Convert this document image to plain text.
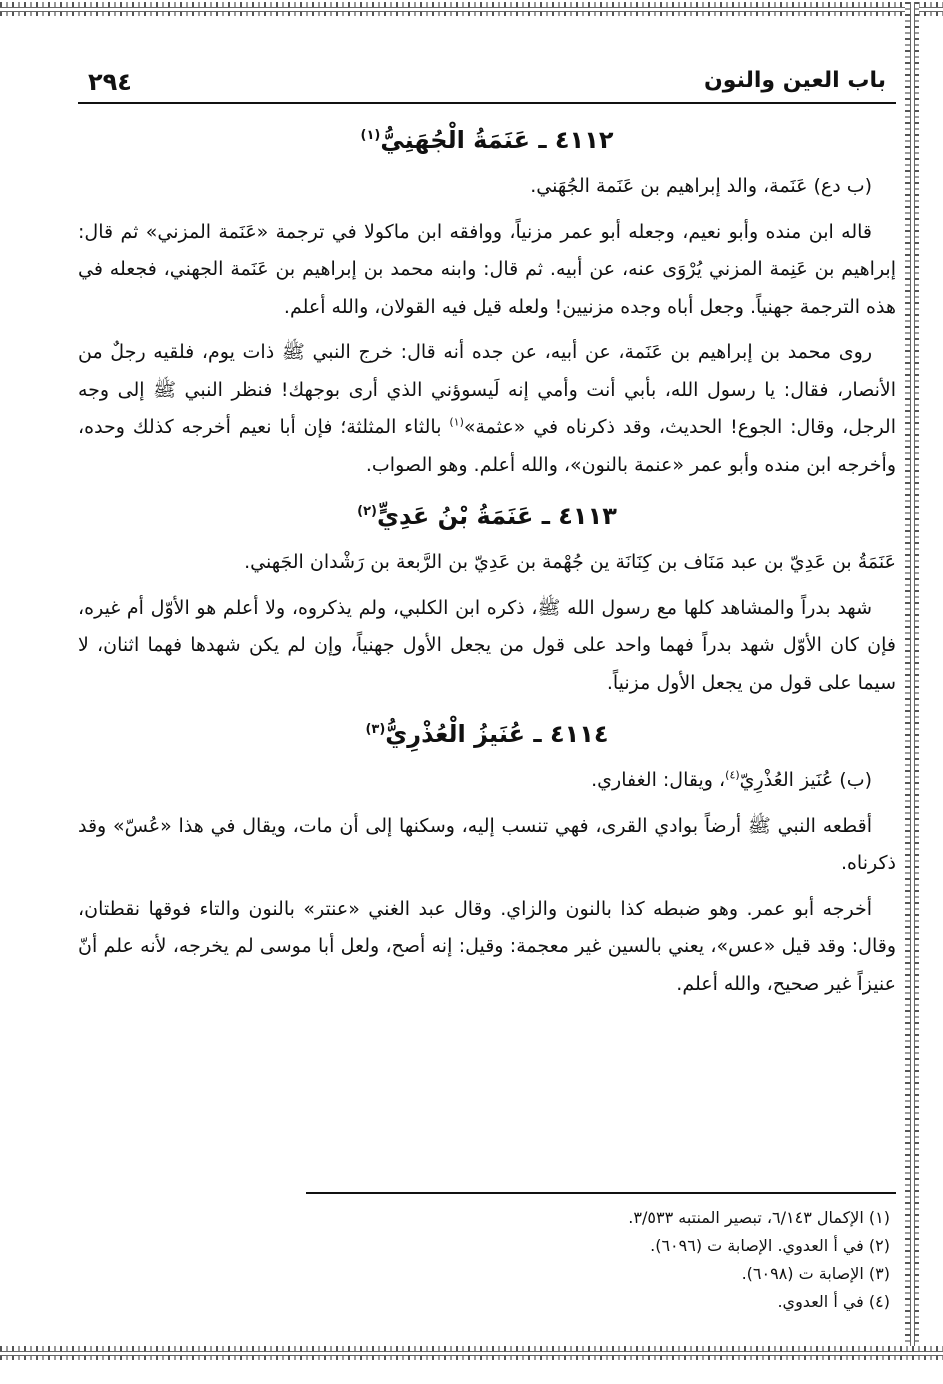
باب العين والنون
٢٩٤
٤١١٢ ـ عَنَمَةُ الْجُهَنِيُّ$^{(١)}$

(ب دع) عَنَمة، والد إبراهيم بن عَنَمة الجُهَني.

قاله ابن منده وأبو نعيم، وجعله أبو عمر مزنياً، ووافقه ابن ماكولا في ترجمة «عَنَمة المزني» ثم قال: إبراهيم بن عَنِمة المزني يُرْوَى عنه، عن أبيه. ثم قال: وابنه محمد بن إبراهيم بن عَنَمة الجهني، فجعله في هذه الترجمة جهنياً. وجعل أباه وجده مزنيين! ولعله قيل فيه القولان، والله أعلم.

روى محمد بن إبراهيم بن عَنَمة، عن أبيه، عن جده أنه قال: خرج النبي ﷺ ذات يوم، فلقيه رجلٌ من الأنصار، فقال: يا رسول الله، بأبي أنت وأمي إنه لَيسوؤني الذي أرى بوجهك! فنظر النبي ﷺ إلى وجه الرجل، وقال: الجوع! الحديث، وقد ذكرناه في «عثمة»$^{(١)}$ بالثاء المثلثة؛ فإن أبا نعيم أخرجه كذلك وحده، وأخرجه ابن منده وأبو عمر «عنمة بالنون»، والله أعلم. وهو الصواب.

٤١١٣ ـ عَنَمَةُ بْنُ عَدِيٍّ$^{(٢)}$

عَنَمَةُ بن عَدِيّ بن عبد مَنَاف بن كِنَانَة ين جُهْمة بن عَدِيّ بن الرَّبعة بن رَشْدان الجَهني.

شهد بدراً والمشاهد كلها مع رسول الله ﷺ، ذكره ابن الكلبي، ولم يذكروه، ولا أعلم هو الأوّل أم غيره، فإن كان الأوّل شهد بدراً فهما واحد على قول من يجعل الأول جهنياً، وإن لم يكن شهدها فهما اثنان، لا سيما على قول من يجعل الأول مزنياً.

٤١١٤ ـ عُنَيزُ الْعُذْرِيُّ$^{(٣)}$

(ب) عُنَيز العُذْرِيّ$^{(٤)}$، ويقال: الغفاري.

أقطعه النبي ﷺ أرضاً بوادي القرى، فهي تنسب إليه، وسكنها إلى أن مات، ويقال في هذا «عُسّ» وقد ذكرناه.

أخرجه أبو عمر. وهو ضبطه كذا بالنون والزاي. وقال عبد الغني «عنتر» بالنون والتاء فوقها نقطتان، وقال: وقد قيل «عس»، يعني بالسين غير معجمة: وقيل: إنه أصح، ولعل أبا موسى لم يخرجه، لأنه علم أنّ عنيزاً غير صحيح، والله أعلم.

(١) الإكمال ٦/١٤٣، تبصير المنتبه ٣/٥٣٣.

(٢) في أ العدوي. الإصابة ت (٦٠٩٦).

(٣) الإصابة ت (٦٠٩٨).

(٤) في أ العدوي.
